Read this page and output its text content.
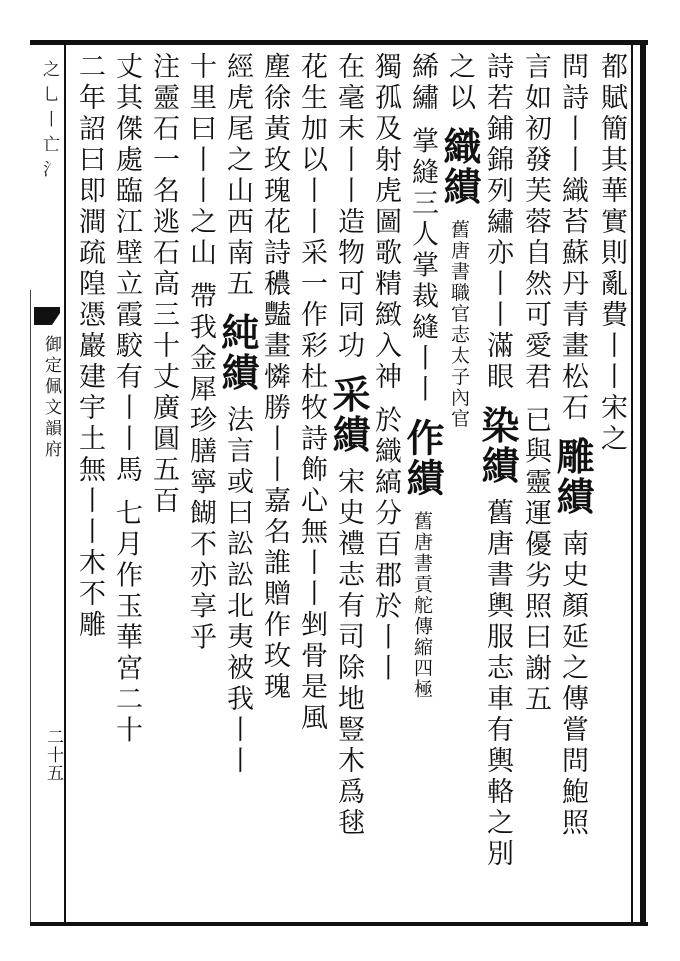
之乚丨亡氵
御定佩文韻府
二十五
都賦簡其華實則亂費丨丨宋之
問詩丨丨織苔蘇丹青畫松石 雕繢 南史顏延之傳嘗問鮑照
言如初發芙蓉自然可愛君 已與靈運優劣照曰謝五
詩若鋪錦列繡亦丨丨滿眼 染繢 舊唐書輿服志車有輿輅之別
之以 織繢 舊唐書職官志太子內官
絺繡 掌縫三人掌裁縫丨丨 作繢 舊唐書貢舵傳縮四極
獨孤及射虎圖歌精緻入神 於織縞分百郡於丨丨
在毫末丨丨造物可同功 采繢 宋史禮志有司除地豎木爲毬
花生加以丨丨采一作彩杜牧詩飾心無丨丨剉骨是風
塵徐黃玫瑰花詩穠豔畫憐勝丨丨嘉名誰贈作玫瑰
經虎尾之山西南五 純繢 法言或曰訟訟北夷被我丨丨
十里曰丨丨之山 帶我金犀珍膳寧餬不亦享乎
注靈石一名逃石高三十丈廣圓五百
丈其傑處臨江壁立霞駮有丨丨馬 七月作玉華宮二十
二年詔曰即澗疏隍憑巖建宇土無丨丨木不雕
